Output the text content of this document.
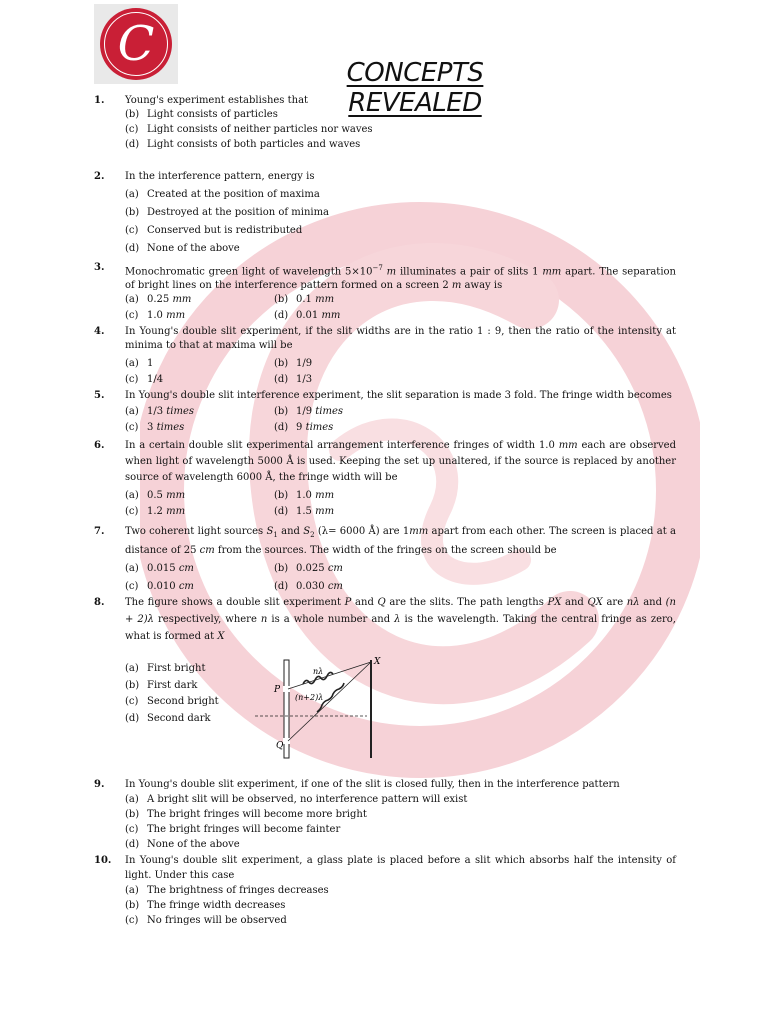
C
CONCEPTS REVEALED
1. Young's experiment establishes that
(b) Light consists of particles
(c) Light consists of neither particles nor waves
(d) Light consists of both particles and waves
2. In the interference pattern, energy is
(a) Created at the position of maxima
(b) Destroyed at the position of minima
(c) Conserved but is redistributed
(d) None of the above
3. Monochromatic green light of wavelength $5\times 10^{-7}$ m illuminates a pair of slits 1 mm apart. The separation of bright lines on the interference pattern formed on a screen 2 m away is
(a) 0.25 mm	(b) 0.1 mm
(c) 1.0 mm	(d) 0.01 mm
4. In Young's double slit experiment, if the slit widths are in the ratio 1 : 9, then the ratio of the intensity at minima to that at maxima will be
(a) 1	(b) 1/9
(c) 1/4	(d) 1/3
5. In Young's double slit interference experiment, the slit separation is made 3 fold. The fringe width becomes
(a) 1/3 times	(b) 1/9 times
(c) 3 times	(d) 9 times
6. In a certain double slit experimental arrangement interference fringes of width 1.0 mm each are observed when light of wavelength 5000 Å is used. Keeping the set up unaltered, if the source is replaced by another source of wavelength 6000 Å, the fringe width will be
(a) 0.5 mm	(b) 1.0 mm
(c) 1.2 mm	(d) 1.5 mm
7. Two coherent light sources $S_1$ and $S_2$ (λ= 6000 Å) are 1mm apart from each other. The screen is placed at a distance of 25 cm from the sources. The width of the fringes on the screen should be
(a) 0.015 cm	(b) 0.025 cm
(c) 0.010 cm	(d) 0.030 cm
8. The figure shows a double slit experiment P and Q are the slits. The path lengths PX and QX are nλ and (n + 2)λ respectively, where n is a whole number and λ is the wavelength. Taking the central fringe as zero, what is formed at X
(a) First bright
(b) First dark
(c) Second bright
(d) Second dark
X
P
Q
nλ
(n+2)λ
9. In Young's double slit experiment, if one of the slit is closed fully, then in the interference pattern
(a) A bright slit will be observed, no interference pattern will exist
(b) The bright fringes will become more bright
(c) The bright fringes will become fainter
(d) None of the above
10. In Young's double slit experiment, a glass plate is placed before a slit which absorbs half the intensity of light. Under this case
(a) The brightness of fringes decreases
(b) The fringe width decreases
(c) No fringes will be observed
